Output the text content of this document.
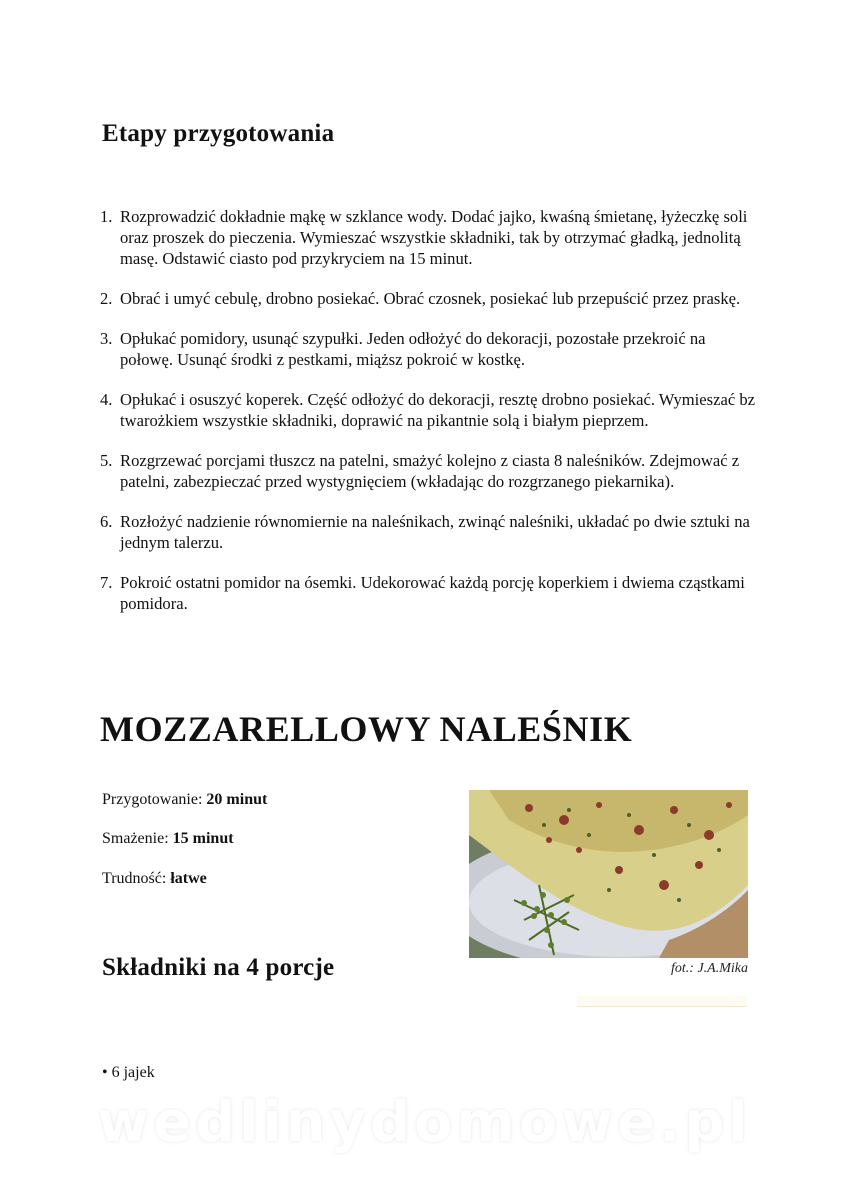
Etapy przygotowania
1. Rozprowadzić dokładnie mąkę w szklance wody. Dodać jajko, kwaśną śmietanę, łyżeczkę soli oraz proszek do pieczenia. Wymieszać wszystkie składniki, tak by otrzymać gładką, jednolitą masę. Odstawić ciasto pod przykryciem na 15 minut.
2. Obrać i umyć cebulę, drobno posiekać. Obrać czosnek, posiekać lub przepuścić przez praskę.
3. Opłukać pomidory, usunąć szypułki. Jeden odłożyć do dekoracji, pozostałe przekroić na połowę. Usunąć środki z pestkami, miąższ pokroić w kostkę.
4. Opłukać i osuszyć koperek. Część odłożyć do dekoracji, resztę drobno posiekać. Wymieszać bz twarożkiem wszystkie składniki, doprawić na pikantnie solą i białym pieprzem.
5. Rozgrzewać porcjami tłuszcz na patelni, smażyć kolejno z ciasta 8 naleśników. Zdejmować z patelni, zabezpieczać przed wystygnięciem (wkładając do rozgrzanego piekarnika).
6. Rozłożyć nadzienie równomiernie na naleśnikach, zwinąć naleśniki, układać po dwie sztuki na jednym talerzu.
7. Pokroić ostatni pomidor na ósemki. Udekorować każdą porcję koperkiem i dwiema cząstkami pomidora.
MOZZARELLOWY NALEŚNIK

Przygotowanie: 20 minut

Smażenie: 15 minut

Trudność: łatwe

fot.: J.A.Mika
Składniki na 4 porcje
• 6 jajek
wedlinydomowe.pl
